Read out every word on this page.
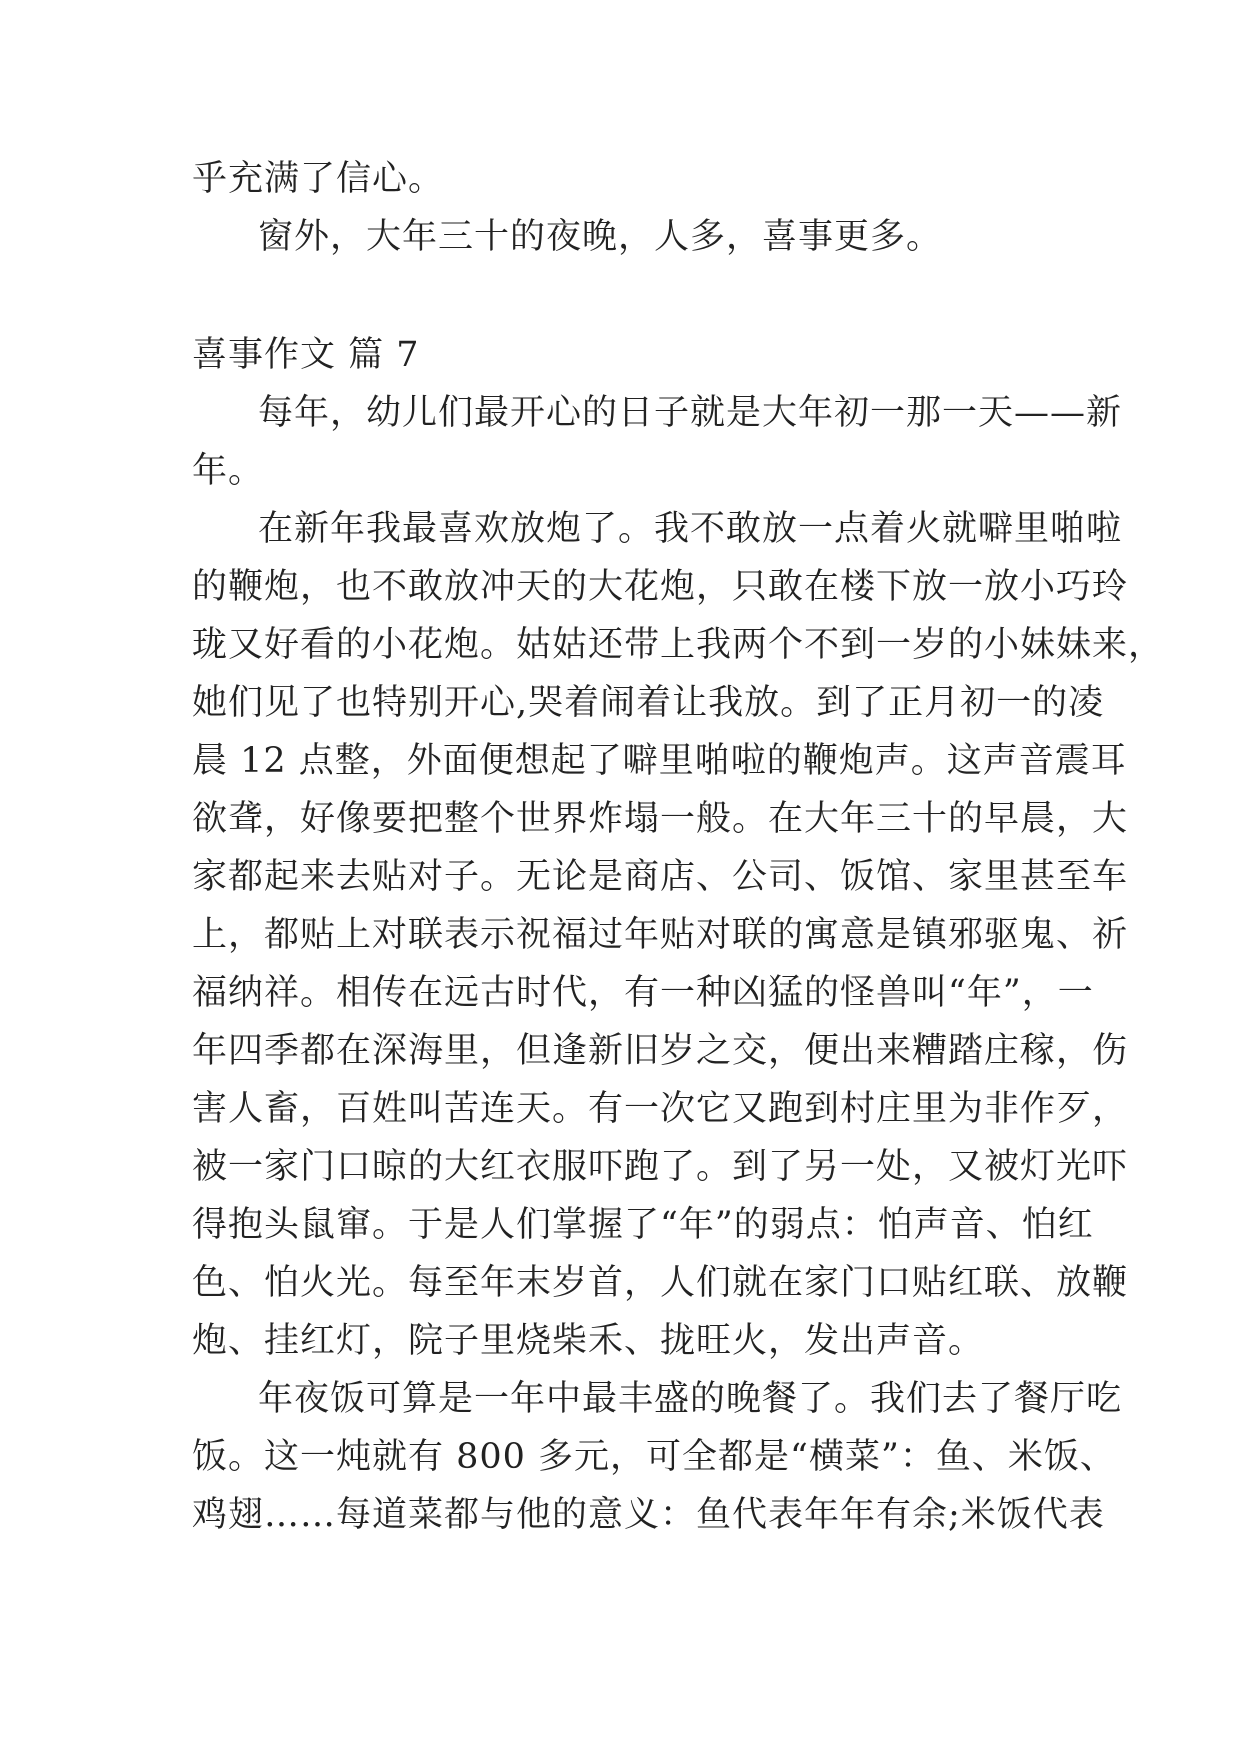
乎充满了信心。
窗外，大年三十的夜晚，人多，喜事更多。
喜事作文 篇 7
每年，幼儿们最开心的日子就是大年初一那一天——新
年。
在新年我最喜欢放炮了。我不敢放一点着火就噼里啪啦
的鞭炮，也不敢放冲天的大花炮，只敢在楼下放一放小巧玲
珑又好看的小花炮。姑姑还带上我两个不到一岁的小妹妹来，
她们见了也特别开心,哭着闹着让我放。到了正月初一的凌
晨 12 点整，外面便想起了噼里啪啦的鞭炮声。这声音震耳
欲聋，好像要把整个世界炸塌一般。在大年三十的早晨，大
家都起来去贴对子。无论是商店、公司、饭馆、家里甚至车
上，都贴上对联表示祝福过年贴对联的寓意是镇邪驱鬼、祈
福纳祥。相传在远古时代，有一种凶猛的怪兽叫“年”，一
年四季都在深海里，但逢新旧岁之交，便出来糟踏庄稼，伤
害人畜，百姓叫苦连天。有一次它又跑到村庄里为非作歹，
被一家门口晾的大红衣服吓跑了。到了另一处，又被灯光吓
得抱头鼠窜。于是人们掌握了“年”的弱点：怕声音、怕红
色、怕火光。每至年末岁首，人们就在家门口贴红联、放鞭
炮、挂红灯，院子里烧柴禾、拢旺火，发出声音。
年夜饭可算是一年中最丰盛的晚餐了。我们去了餐厅吃
饭。这一炖就有 800 多元，可全都是“横菜”：鱼、米饭、
鸡翅……每道菜都与他的意义：鱼代表年年有余;米饭代表
